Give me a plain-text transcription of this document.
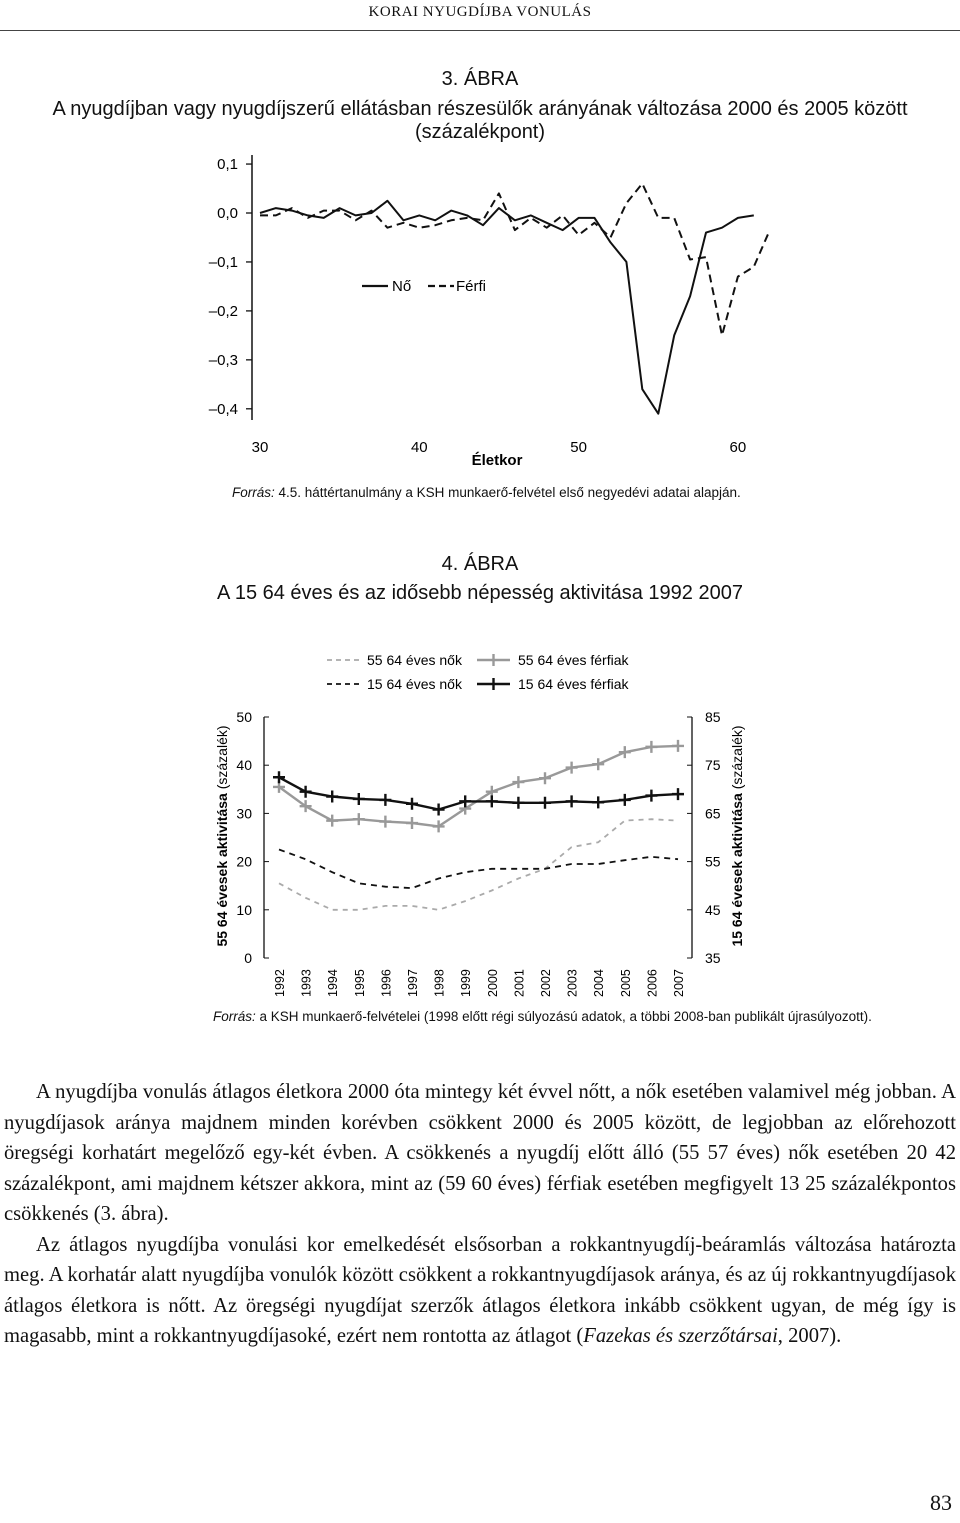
KORAI NYUGDÍJBA VONULÁS
3. ÁBRA
A nyugdíjban vagy nyugdíjszerű ellátásban részesülők arányának változása 2000 és 2005 között (százalékpont)
0,1
0,0
–0,1
–0,2
–0,3
–0,4
30	40	50	60
Életkor
Nő	Férfi
Forrás: 4.5. háttértanulmány a KSH munkaerő-felvétel első negyedévi adatai alapján.
4. ÁBRA
A 15 64 éves és az idősebb népesség aktivitása 1992 2007
50
40
30
20
10
0
85
75
65
55
45
35
1992 1993 1994 1995 1996 1997 1998 1999 2000 2001 2002 2003 2004 2005 2006 2007
55 64 évesek aktivitása (százalék)
15 64 évesek aktivitása (százalék)
55 64 éves nők
15 64 éves nők
55 64 éves férfiak
15 64 éves férfiak
Forrás: a KSH munkaerő-felvételei (1998 előtt régi súlyozású adatok, a többi 2008-ban publikált újrasúlyozott).

A nyugdíjba vonulás átlagos életkora 2000 óta mintegy két évvel nőtt, a nők esetében valamivel még jobban. A nyugdíjasok aránya majdnem minden korévben csökkent 2000 és 2005 között, de legjobban az előrehozott öregségi korhatárt megelőző egy-két évben. A csökkenés a nyugdíj előtt álló (55 57 éves) nők esetében 20 42 százalékpont, ami majdnem kétszer akkora, mint az (59 60 éves) férfiak esetében megfigyelt 13 25 százalékpontos csökkenés (3. ábra).

Az átlagos nyugdíjba vonulási kor emelkedését elsősorban a rokkantnyugdíj-beáramlás változása határozta meg. A korhatár alatt nyugdíjba vonulók között csökkent a rokkantnyugdíjasok aránya, és az új rokkantnyugdíjasok átlagos életkora is nőtt. Az öregségi nyugdíjat szerzők átlagos életkora inkább csökkent ugyan, de még így is magasabb, mint a rokkantnyugdíjasoké, ezért nem rontotta az átlagot (Fazekas és szerzőtársai, 2007).

83
